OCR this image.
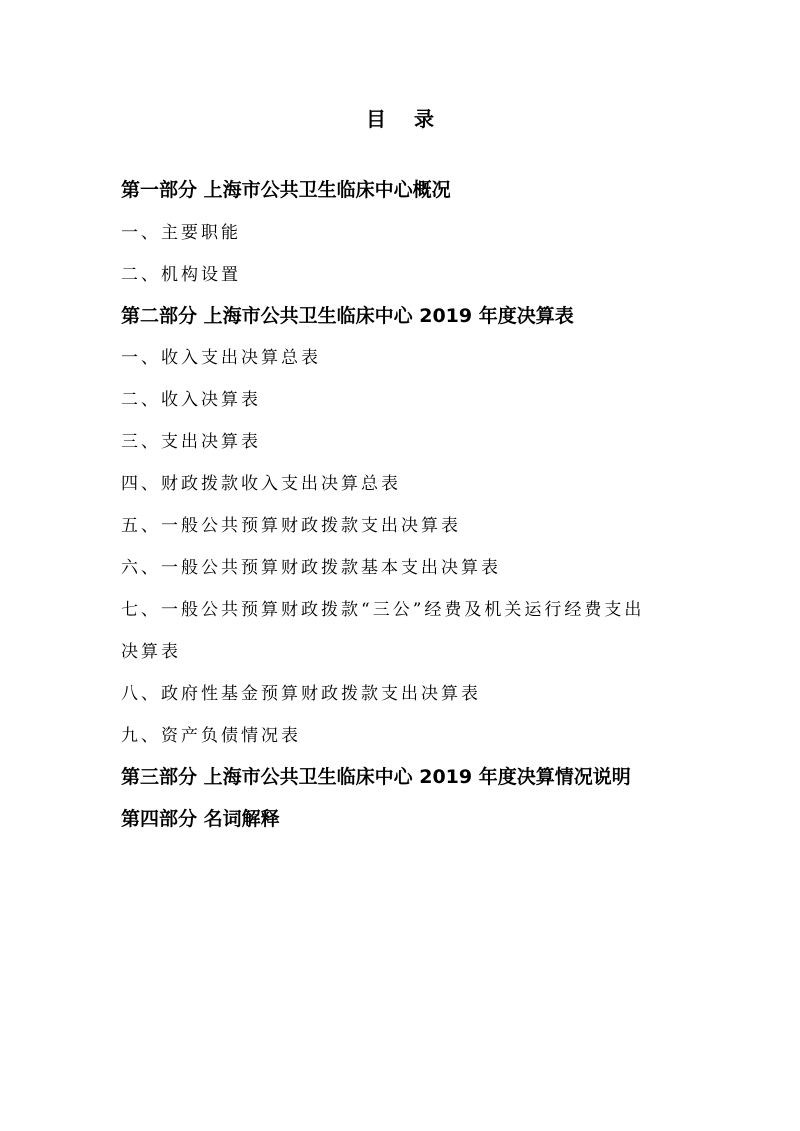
目 录
第一部分 上海市公共卫生临床中心概况
一、主要职能
二、机构设置
第二部分 上海市公共卫生临床中心 2019 年度决算表
一、收入支出决算总表
二、收入决算表
三、支出决算表
四、财政拨款收入支出决算总表
五、一般公共预算财政拨款支出决算表
六、一般公共预算财政拨款基本支出决算表
七、一般公共预算财政拨款“三公”经费及机关运行经费支出
决算表
八、政府性基金预算财政拨款支出决算表
九、资产负债情况表
第三部分 上海市公共卫生临床中心 2019 年度决算情况说明
第四部分 名词解释
